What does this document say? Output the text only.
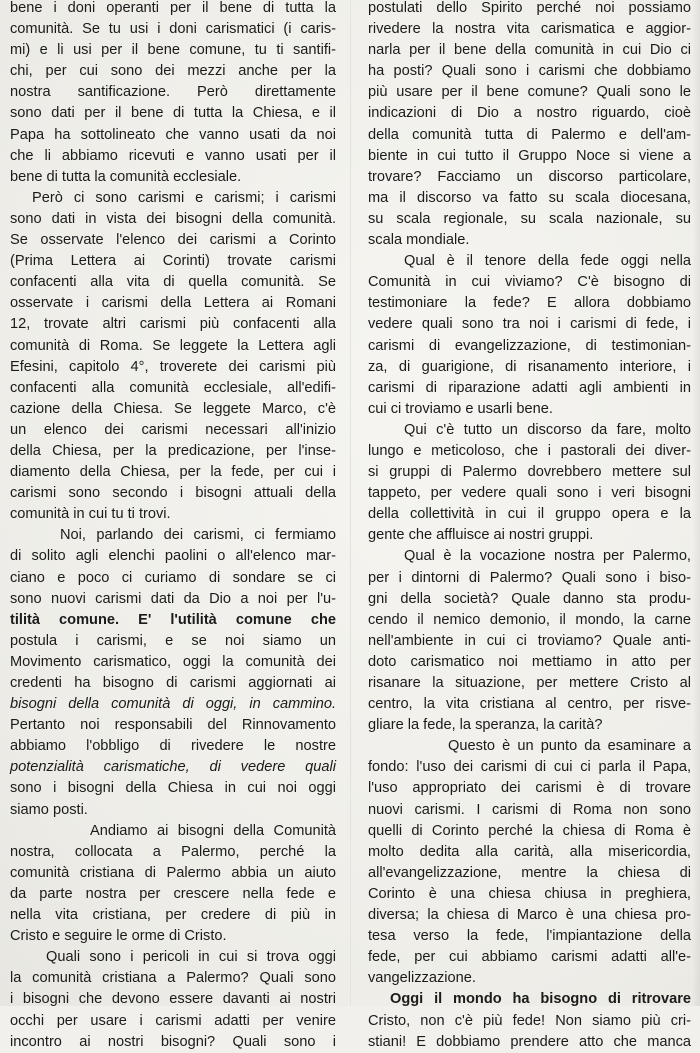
bene i doni operanti per il bene di tutta la
comunità. Se tu usi i doni carismatici (i caris-
mi) e li usi per il bene comune, tu ti santifi-
chi, per cui sono dei mezzi anche per la
nostra santificazione. Però direttamente
sono dati per il bene di tutta la Chiesa, e il
Papa ha sottolineato che vanno usati da noi
che li abbiamo ricevuti e vanno usati per il
bene di tutta la comunità ecclesiale.
Però ci sono carismi e carismi; i carismi
sono dati in vista dei bisogni della comunità.
Se osservate l'elenco dei carismi a Corinto
(Prima Lettera ai Corinti) trovate carismi
confacenti alla vita di quella comunità. Se
osservate i carismi della Lettera ai Romani
12, trovate altri carismi più confacenti alla
comunità di Roma. Se leggete la Lettera agli
Efesini, capitolo 4°, troverete dei carismi più
confacenti alla comunità ecclesiale, all'edifi-
cazione della Chiesa. Se leggete Marco, c'è
un elenco dei carismi necessari all'inizio
della Chiesa, per la predicazione, per l'inse-
diamento della Chiesa, per la fede, per cui i
carismi sono secondo i bisogni attuali della
comunità in cui tu ti trovi.
Noi, parlando dei carismi, ci fermiamo
di solito agli elenchi paolini o all'elenco mar-
ciano e poco ci curiamo di sondare se ci
sono nuovi carismi dati da Dio a noi per l'u-
tilità comune. E' l'utilità comune che
postula i carismi, e se noi siamo un
Movimento carismatico, oggi la comunità dei
credenti ha bisogno di carismi aggiornati ai
bisogni della comunità di oggi, in cammino.
Pertanto noi responsabili del Rinnovamento
abbiamo l'obbligo di rivedere le nostre
potenzialità carismatiche, di vedere quali
sono i bisogni della Chiesa in cui noi oggi
siamo posti.
Andiamo ai bisogni della Comunità
nostra, collocata a Palermo, perché la
comunità cristiana di Palermo abbia un aiuto
da parte nostra per crescere nella fede e
nella vita cristiana, per credere di più in
Cristo e seguire le orme di Cristo.
Quali sono i pericoli in cui si trova oggi
la comunità cristiana a Palermo? Quali sono
i bisogni che devono essere davanti ai nostri
occhi per usare i carismi adatti per venire
incontro ai nostri bisogni? Quali sono i
postulati dello Spirito perché noi possiamo
rivedere la nostra vita carismatica e aggior-
narla per il bene della comunità in cui Dio ci
ha posti? Quali sono i carismi che dobbiamo
più usare per il bene comune? Quali sono le
indicazioni di Dio a nostro riguardo, cioè
della comunità tutta di Palermo e dell'am-
biente in cui tutto il Gruppo Noce si viene a
trovare? Facciamo un discorso particolare,
ma il discorso va fatto su scala diocesana,
su scala regionale, su scala nazionale, su
scala mondiale.
Qual è il tenore della fede oggi nella
Comunità in cui viviamo? C'è bisogno di
testimoniare la fede? E allora dobbiamo
vedere quali sono tra noi i carismi di fede, i
carismi di evangelizzazione, di testimonian-
za, di guarigione, di risanamento interiore, i
carismi di riparazione adatti agli ambienti in
cui ci troviamo e usarli bene.
Qui c'è tutto un discorso da fare, molto
lungo e meticoloso, che i pastorali dei diver-
si gruppi di Palermo dovrebbero mettere sul
tappeto, per vedere quali sono i veri bisogni
della collettività in cui il gruppo opera e la
gente che affluisce ai nostri gruppi.
Qual è la vocazione nostra per Palermo,
per i dintorni di Palermo? Quali sono i biso-
gni della società? Quale danno sta produ-
cendo il nemico demonio, il mondo, la carne
nell'ambiente in cui ci troviamo? Quale anti-
doto carismatico noi mettiamo in atto per
risanare la situazione, per mettere Cristo al
centro, la vita cristiana al centro, per risve-
gliare la fede, la speranza, la carità?
Questo è un punto da esaminare a
fondo: l'uso dei carismi di cui ci parla il Papa,
l'uso appropriato dei carismi è di trovare
nuovi carismi. I carismi di Roma non sono
quelli di Corinto perché la chiesa di Roma è
molto dedita alla carità, alla misericordia,
all'evangelizzazione, mentre la chiesa di
Corinto è una chiesa chiusa in preghiera,
diversa; la chiesa di Marco è una chiesa pro-
tesa verso la fede, l'impiantazione della
fede, per cui abbiamo carismi adatti all'e-
vangelizzazione.
Oggi il mondo ha bisogno di ritrovare
Cristo, non c'è più fede! Non siamo più cri-
stiani! E dobbiamo prendere atto che manca
